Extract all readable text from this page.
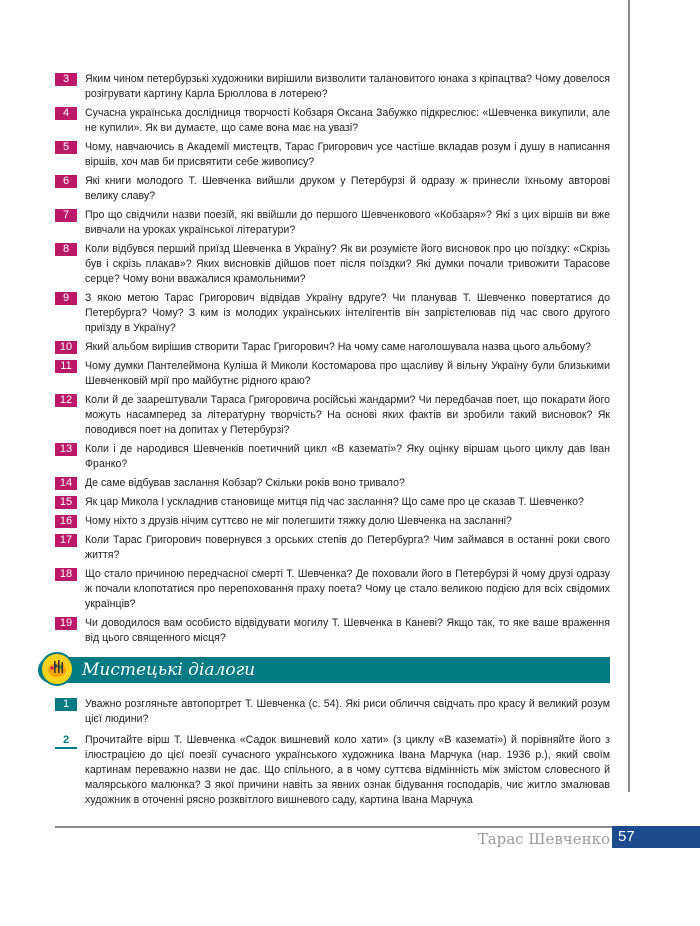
3	Яким чином петербурзькі художники вирішили визволити талановитого юнака з кріпацтва? Чому довелося розігрувати картину Карла Брюллова в лотерею?
4	Сучасна українська дослідниця творчості Кобзаря Оксана Забужко підкреслює: «Шевченка викупили, але не купили». Як ви думаєте, що саме вона має на увазі?
5	Чому, навчаючись в Академії мистецтв, Тарас Григорович усе частіше вкладав розум і душу в написання віршів, хоч мав би присвятити себе живопису?
6	Які книги молодого Т. Шевченка вийшли друком у Петербурзі й одразу ж принесли їхньому авторові велику славу?
7	Про що свідчили назви поезій, які ввійшли до першого Шевченкового «Кобзаря»? Які з цих віршів ви вже вивчали на уроках української літератури?
8	Коли відбувся перший приїзд Шевченка в Україну? Як ви розумієте його висновок про цю поїздку: «Скрізь був і скрізь плакав»? Яких висновків дійшов поет після поїздки? Які думки почали тривожити Тарасове серце? Чому вони вважалися крамольними?
9	З якою метою Тарас Григорович відвідав Україну вдруге? Чи планував Т. Шевченко повертатися до Петербурга? Чому? З ким із молодих українських інтелігентів він запрієтелював під час свого другого приїзду в Україну?
10	Який альбом вирішив створити Тарас Григорович? На чому саме наголошувала назва цього альбому?
11	Чому думки Пантелеймона Куліша й Миколи Костомарова про щасливу й вільну Україну були близькими Шевченковій мрії про майбутнє рідного краю?
12	Коли й де заарештували Тараса Григоровича російські жандарми? Чи передбачав поет, що покарати його можуть насамперед за літературну творчість? На основі яких фактів ви зробили такий висновок? Як поводився поет на допитах у Петербурзі?
13	Коли і де народився Шевченків поетичний цикл «В казематі»? Яку оцінку віршам цього циклу дав Іван Франко?
14	Де саме відбував заслання Кобзар? Скільки років воно тривало?
15	Як цар Микола І ускладнив становище митця під час заслання? Що саме про це сказав Т. Шевченко?
16	Чому ніхто з друзів нічим суттєво не міг полегшити тяжку долю Шевченка на засланні?
17	Коли Тарас Григорович повернувся з орських степів до Петербурга? Чим займався в останні роки свого життя?
18	Що стало причиною передчасної смерті Т. Шевченка? Де поховали його в Петербурзі й чому друзі одразу ж почали клопотатися про перепоховання праху поета? Чому це стало великою подією для всіх свідомих українців?
19	Чи доводилося вам особисто відвідувати могилу Т. Шевченка в Каневі? Якщо так, то яке ваше враження від цього священного місця?
Мистецькі діалоги
1	Уважно розгляньте автопортрет Т. Шевченка (с. 54). Які риси обличчя свідчать про красу й великий розум цієї людини?
2	Прочитайте вірш Т. Шевченка «Садок вишневий коло хати» (з циклу «В казематі») й порівняйте його з ілюстрацією до цієї поезії сучасного українського художника Івана Марчука (нар. 1936 р.), який своїм картинам переважно назви не дає. Що спільного, а в чому суттєва відмінність між змістом словесного й малярського малюнка? З якої причини навіть за явних ознак бідування господарів, чиє житло змалював художник в оточенні рясно розквітлого вишневого саду, картина Івана Марчука
Тарас Шевченко 57
